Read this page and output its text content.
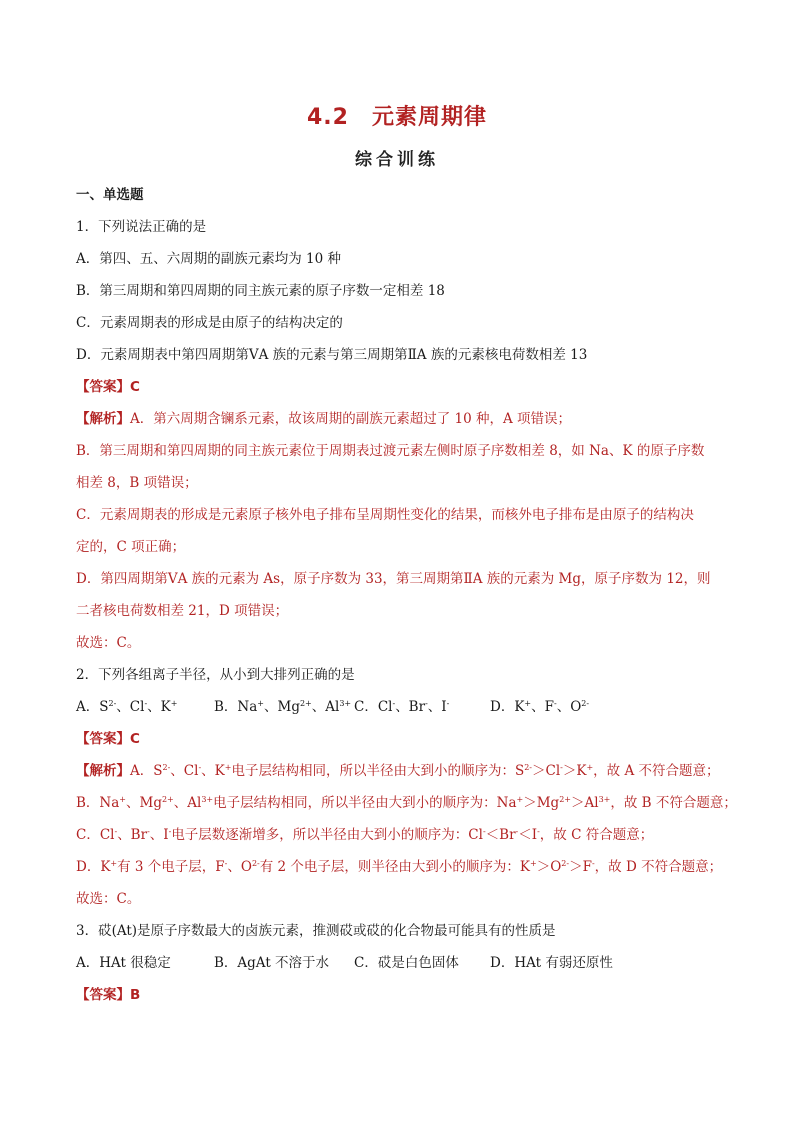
4.2　元素周期律
综合训练
一、单选题
1．下列说法正确的是
A．第四、五、六周期的副族元素均为 10 种
B．第三周期和第四周期的同主族元素的原子序数一定相差 18
C．元素周期表的形成是由原子的结构决定的
D．元素周期表中第四周期第ⅤA 族的元素与第三周期第ⅡA 族的元素核电荷数相差 13
【答案】C
【解析】A．第六周期含镧系元素，故该周期的副族元素超过了 10 种，A 项错误；
B．第三周期和第四周期的同主族元素位于周期表过渡元素左侧时原子序数相差 8，如 Na、K 的原子序数
相差 8，B 项错误；
C．元素周期表的形成是元素原子核外电子排布呈周期性变化的结果，而核外电子排布是由原子的结构决
定的，C 项正确；
D．第四周期第ⅤA 族的元素为 As，原子序数为 33，第三周期第ⅡA 族的元素为 Mg，原子序数为 12，则
二者核电荷数相差 21，D 项错误；
故选：C。
2．下列各组离子半径，从小到大排列正确的是
A．$S^{2-}$、Cl-、K+	B．Na+、$Mg^{2+}$、$Al^{3+}$ C．Cl-、Br-、I-	D．K+、F-、$O^{2-}$
【答案】C
【解析】A．$S^{2-}$、Cl-、K+电子层结构相同，所以半径由大到小的顺序为：$S^{2-}>Cl^->K^+$，故 A 不符合题意；
B．Na+、$Mg^{2+}$、$Al^{3+}$电子层结构相同，所以半径由大到小的顺序为：$Na^+>Mg^{2+}>Al^{3+}$，故 B 不符合题意；
C．Cl-、Br-、I-电子层数逐渐增多，所以半径由大到小的顺序为：Cl-＜Br-＜I-，故 C 符合题意；
D．K+有 3 个电子层，F-、$O^{2-}$有 2 个电子层，则半径由大到小的顺序为：$K^+>O^{2-}>F^-$，故 D 不符合题意；
故选：C。
3．砹(At)是原子序数最大的卤族元素，推测砹或砹的化合物最可能具有的性质是
A．HAt 很稳定	B．AgAt 不溶于水 C．砹是白色固体 D．HAt 有弱还原性
【答案】B
